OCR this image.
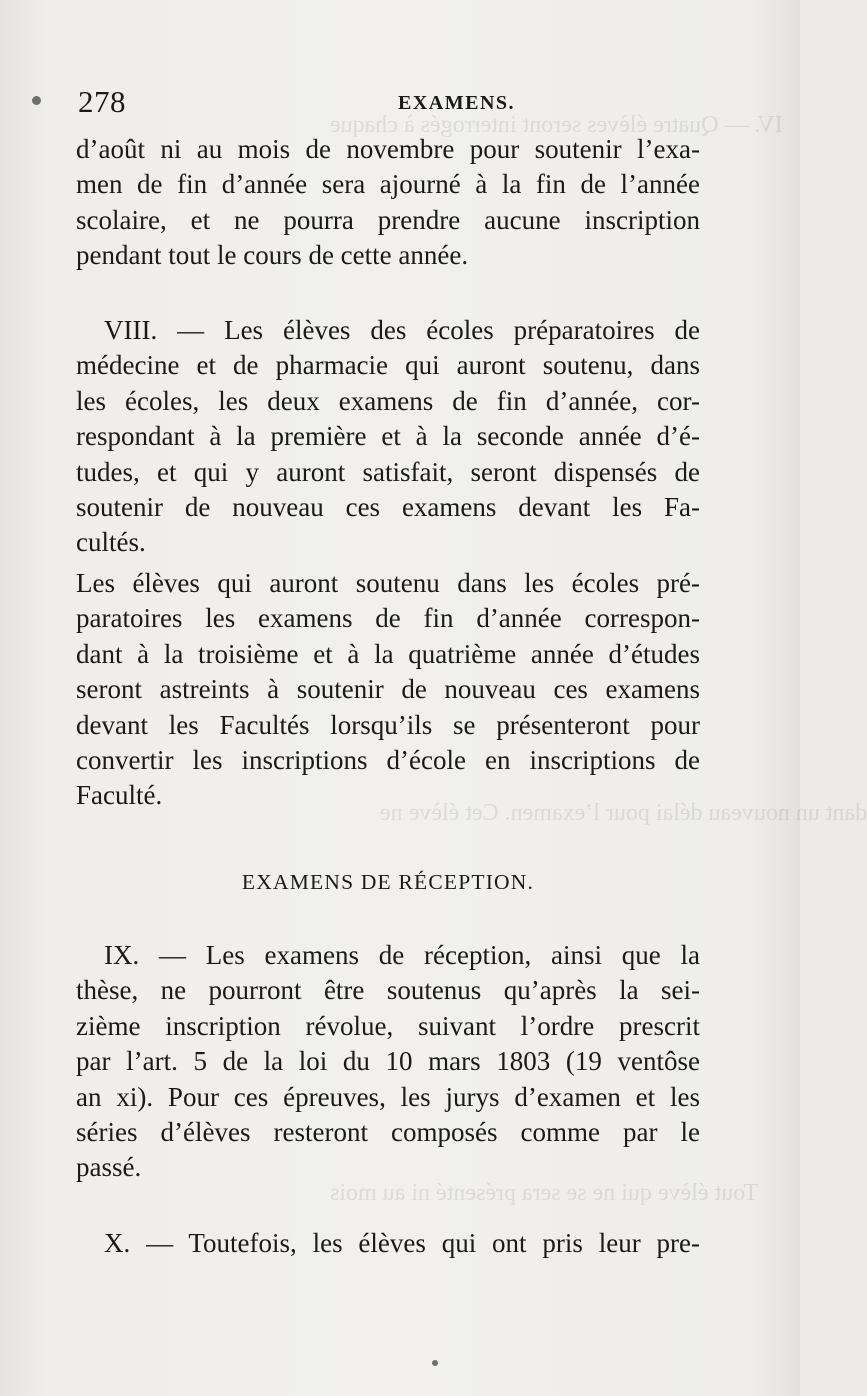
IV. — Quatre élèves seront interrogés à chaque
dant un nouveau délai pour l’examen. Cet élève ne
Tout élève qui ne se sera présenté ni au mois
278	EXAMENS.
d’août ni au mois de novembre pour soutenir l’exa-
men de fin d’année sera ajourné à la fin de l’année
scolaire, et ne pourra prendre aucune inscription
pendant tout le cours de cette année.
VIII. — Les élèves des écoles préparatoires de
médecine et de pharmacie qui auront soutenu, dans
les écoles, les deux examens de fin d’année, cor-
respondant à la première et à la seconde année d’é-
tudes, et qui y auront satisfait, seront dispensés de
soutenir de nouveau ces examens devant les Fa-
cultés.
Les élèves qui auront soutenu dans les écoles pré-
paratoires les examens de fin d’année correspon-
dant à la troisième et à la quatrième année d’études
seront astreints à soutenir de nouveau ces examens
devant les Facultés lorsqu’ils se présenteront pour
convertir les inscriptions d’école en inscriptions de
Faculté.
EXAMENS DE RÉCEPTION.
IX. — Les examens de réception, ainsi que la
thèse, ne pourront être soutenus qu’après la sei-
zième inscription révolue, suivant l’ordre prescrit
par l’art. 5 de la loi du 10 mars 1803 (19 ventôse
an xi). Pour ces épreuves, les jurys d’examen et les
séries d’élèves resteront composés comme par le
passé.
X. — Toutefois, les élèves qui ont pris leur pre-
